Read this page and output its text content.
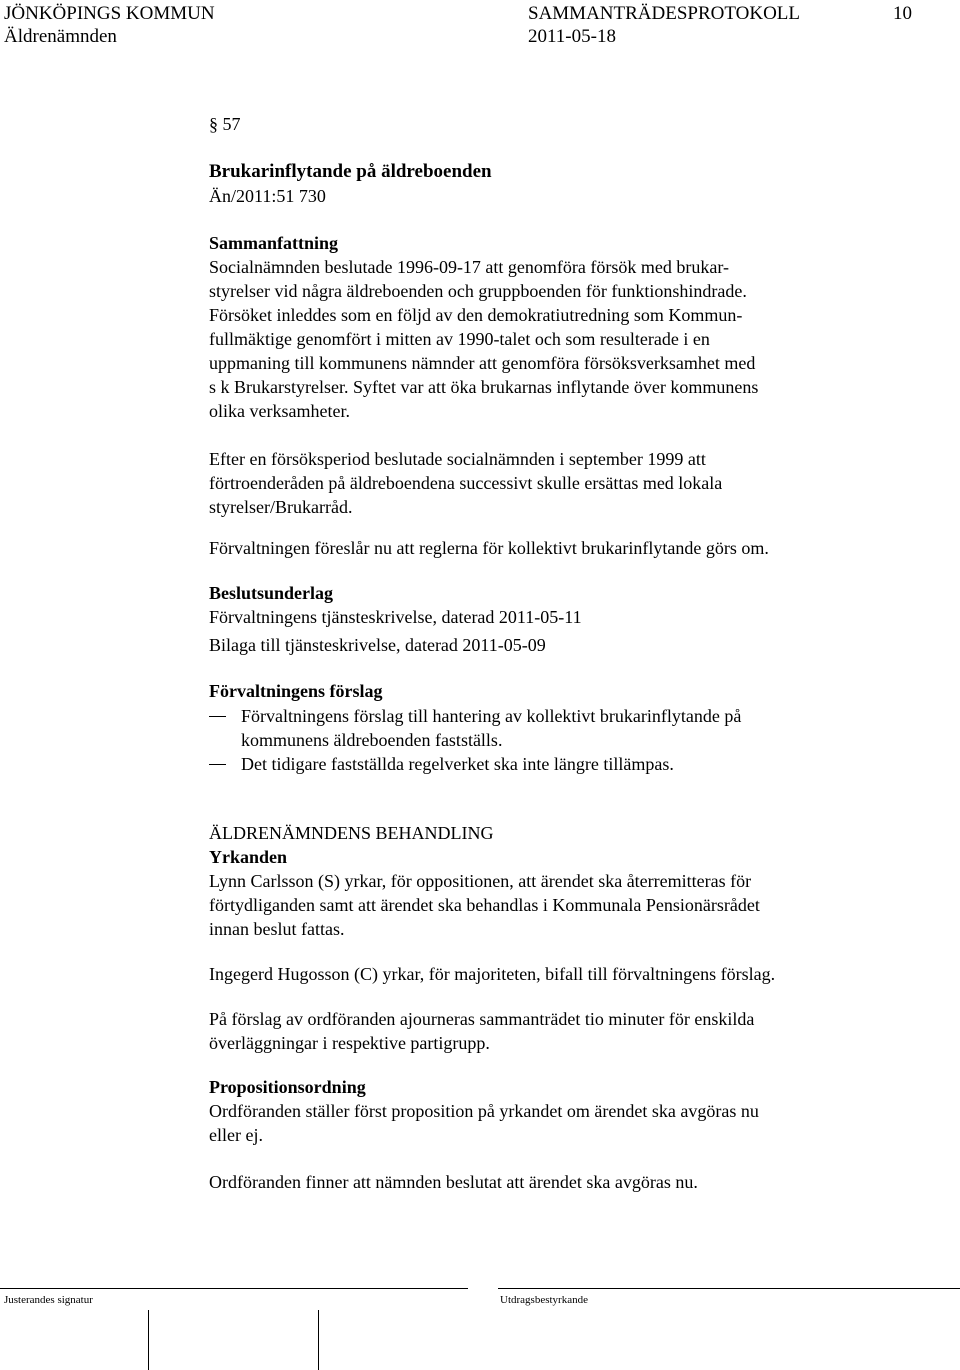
JÖNKÖPINGS KOMMUN
Äldrenämnden
SAMMANTRÄDESPROTOKOLL
2011-05-18
10
§ 57
Brukarinflytande på äldreboenden
Än/2011:51 730
Sammanfattning
Socialnämnden beslutade 1996-09-17 att genomföra försök med brukar-
styrelser vid några äldreboenden och gruppboenden för funktionshindrade.
Försöket inleddes som en följd av den demokratiutredning som Kommun-
fullmäktige genomfört i mitten av 1990-talet och som resulterade i en
uppmaning till kommunens nämnder att genomföra försöksverksamhet med
s k Brukarstyrelser. Syftet var att öka brukarnas inflytande över kommunens
olika verksamheter.
Efter en försöksperiod beslutade socialnämnden i september 1999 att
förtroenderåden på äldreboendena successivt skulle ersättas med lokala
styrelser/Brukarråd.
Förvaltningen föreslår nu att reglerna för kollektivt brukarinflytande görs om.
Beslutsunderlag
Förvaltningens tjänsteskrivelse, daterad 2011-05-11
Bilaga till tjänsteskrivelse, daterad 2011-05-09
Förvaltningens förslag
Förvaltningens förslag till hantering av kollektivt brukarinflytande på
kommunens äldreboenden fastställs.
Det tidigare fastställda regelverket ska inte längre tillämpas.
ÄLDRENÄMNDENS BEHANDLING
Yrkanden
Lynn Carlsson (S) yrkar, för oppositionen, att ärendet ska återremitteras för
förtydliganden samt att ärendet ska behandlas i Kommunala Pensionärsrådet
innan beslut fattas.
Ingegerd Hugosson (C) yrkar, för majoriteten, bifall till förvaltningens förslag.
På förslag av ordföranden ajourneras sammanträdet tio minuter för enskilda
överläggningar i respektive partigrupp.
Propositionsordning
Ordföranden ställer först proposition på yrkandet om ärendet ska avgöras nu
eller ej.
Ordföranden finner att nämnden beslutat att ärendet ska avgöras nu.
Justerandes signatur	Utdragsbestyrkande
